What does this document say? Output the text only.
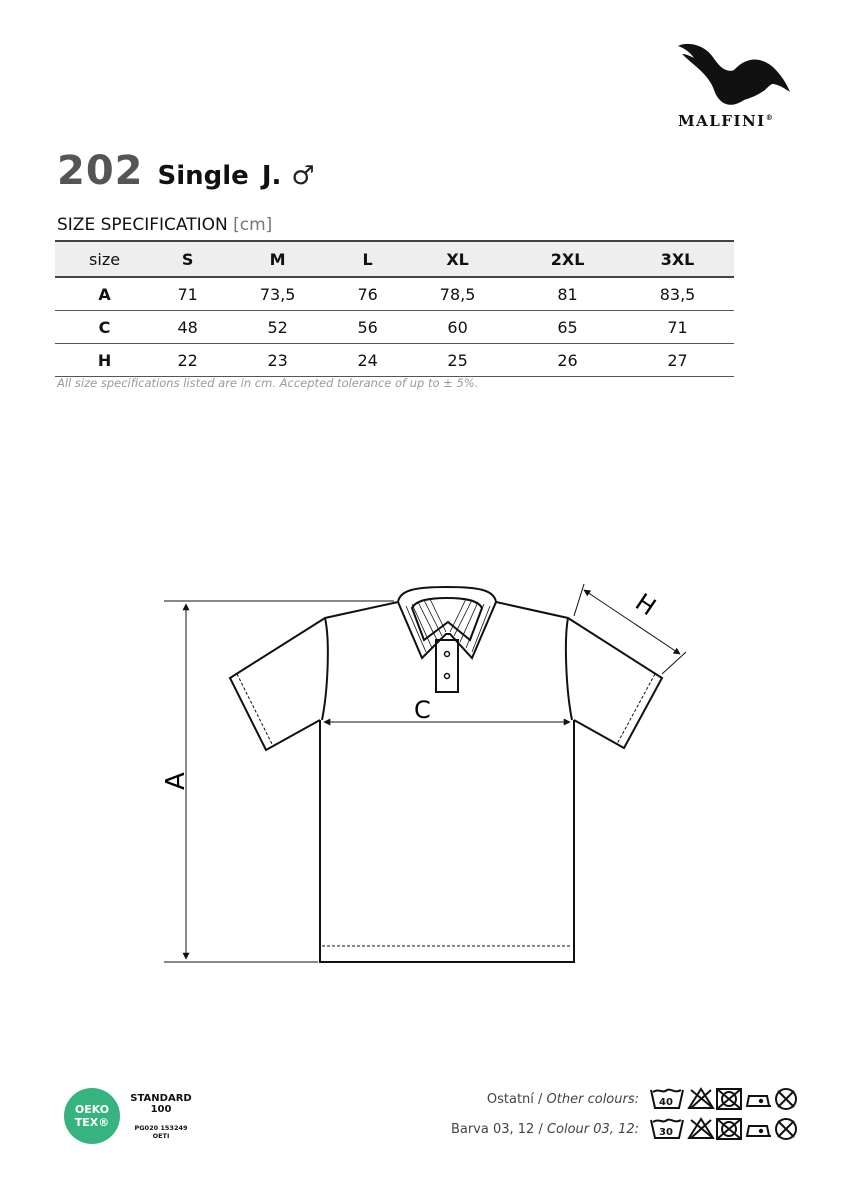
MALFINI®
202 Single J. ♂
SIZE SPECIFICATION [cm]
size	S	M	L	XL	2XL	3XL
A	71	73,5	76	78,5	81	83,5
C	48	52	56	60	65	71
H	22	23	24	25	26	27
All size specifications listed are in cm. Accepted tolerance of up to ± 5%.
A
C
H
OEKO
TEX®
STANDARD
100
PG020 153249
OETI
Ostatní / Other colours: 40
Barva 03, 12 / Colour 03, 12: 30
